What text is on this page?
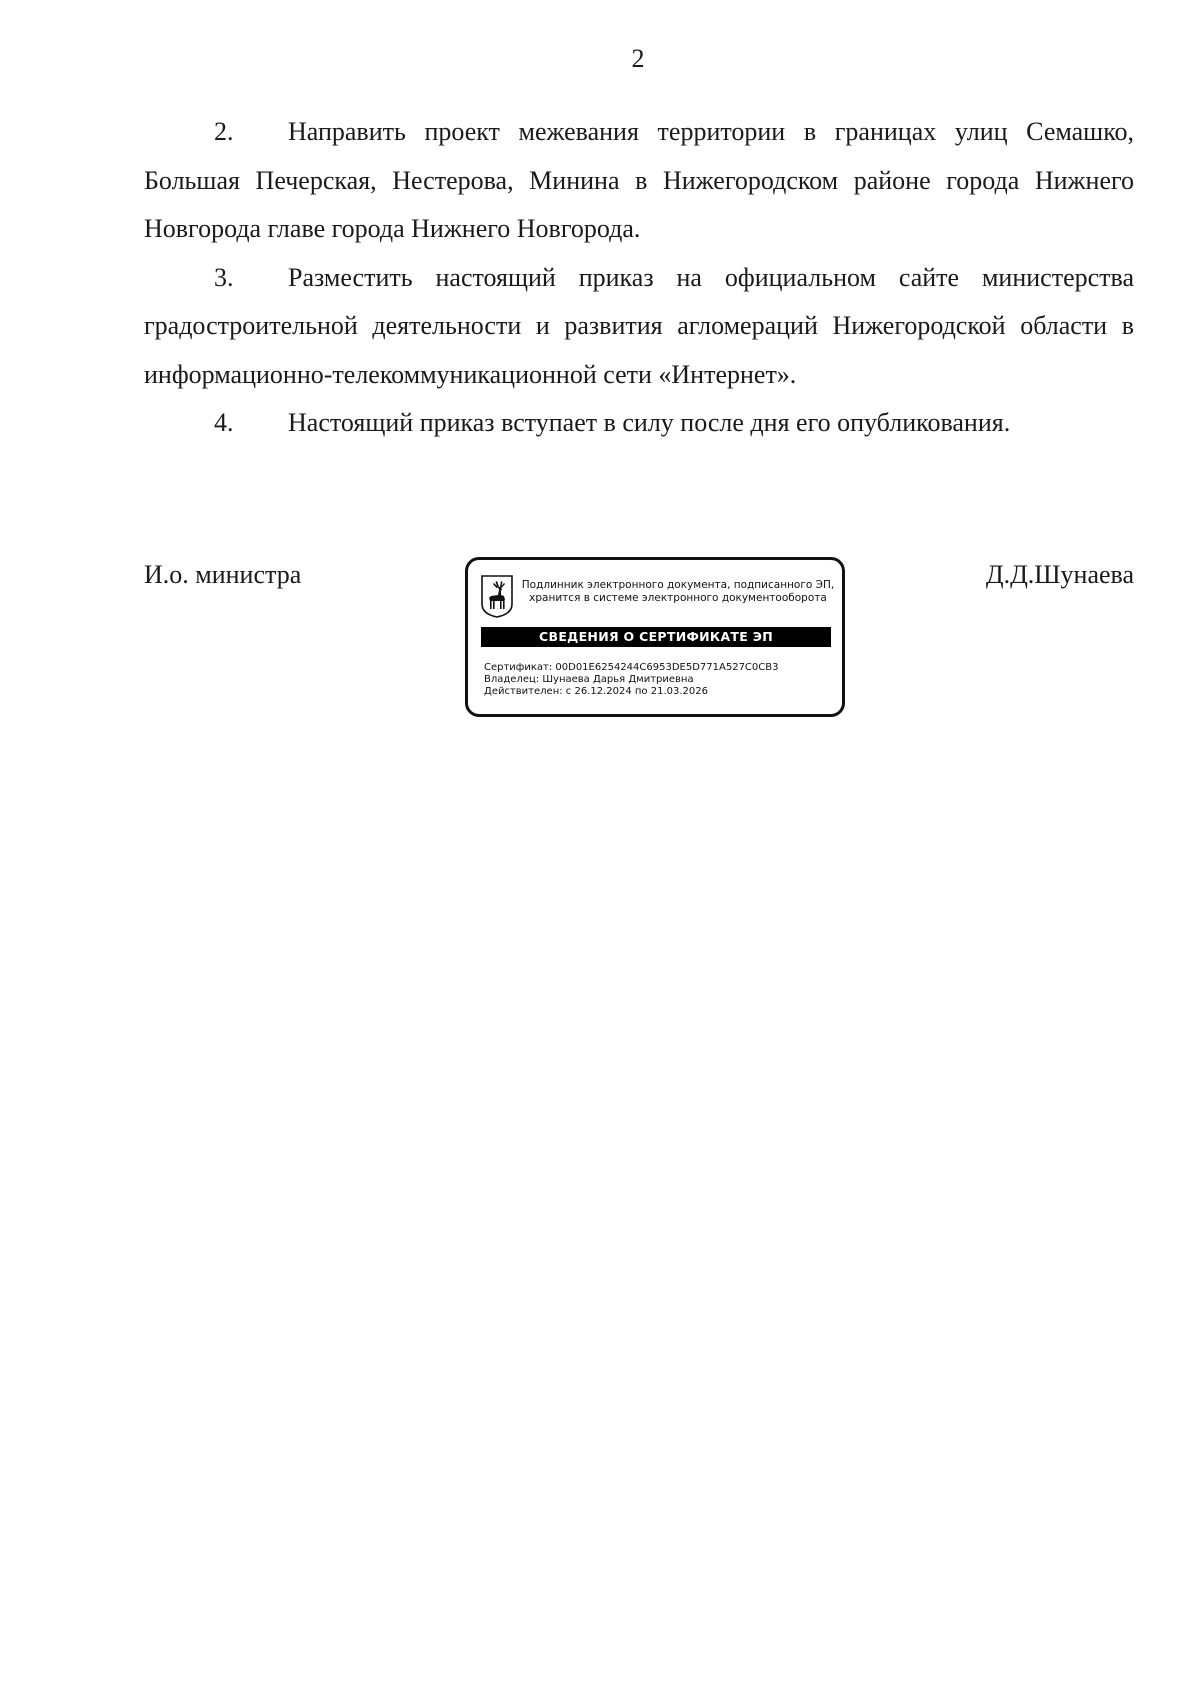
2

2. Направить проект межевания территории в границах улиц Семашко, Большая Печерская, Нестерова, Минина в Нижегородском районе города Нижнего Новгорода главе города Нижнего Новгорода.

3. Разместить настоящий приказ на официальном сайте министерства градостроительной деятельности и развития агломераций Нижегородской области в информационно-телекоммуникационной сети «Интернет».

4. Настоящий приказ вступает в силу после дня его опубликования.

И.о. министра	Д.Д.Шунаева
Подлинник электронного документа, подписанного ЭП,
хранится в системе электронного документооборота
СВЕДЕНИЯ О СЕРТИФИКАТЕ ЭП
Сертификат: 00D01E6254244C6953DE5D771A527C0CB3
Владелец: Шунаева Дарья Дмитриевна
Действителен: с 26.12.2024 по 21.03.2026
